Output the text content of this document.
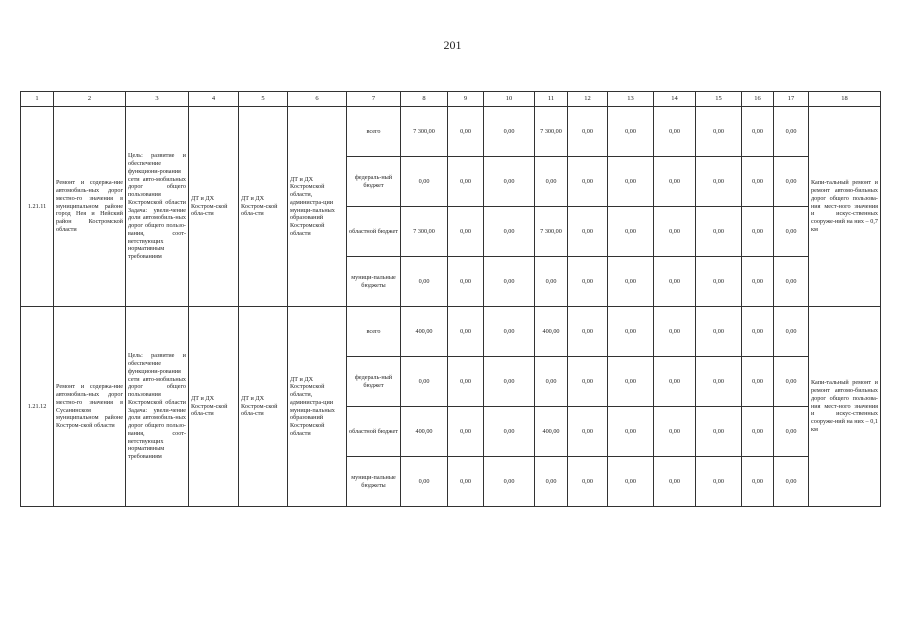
201
1	2	3	4	5	6	7	8	9	10	11	12	13	14	15	16	17	18
1.21.11	Ремонт и содержа-ние автомобиль-ных дорог местно-го значения в муниципальном районе город Нея и Нейский район Костромской области	Цель: развитие и обеспечение функциони-рования сети авто-мобильных дорог общего пользования Костромской области Задача: увели-чение доли автомобиль-ных дорог общего пользо-вания, соот-ветствующих нормативным требованиям	ДТ и ДХ Костром-ской обла-сти	ДТ и ДХ Костром-ской обла-сти	ДТ и ДХ Костромской области, администра-ции муници-пальных образований Костромской области	всего	7 300,00	0,00	0,00	7 300,00	0,00	0,00	0,00	0,00	0,00	0,00	Капи-тальный ремонт и ремонт автомо-бильных дорог общего пользова-ния мест-ного значения и искус-ственных сооруже-ний на них – 0,7 км
						федераль-ный бюджет	0,00	0,00	0,00	0,00	0,00	0,00	0,00	0,00	0,00	0,00	
						областной бюджет	7 300,00	0,00	0,00	7 300,00	0,00	0,00	0,00	0,00	0,00	0,00	
						муници-пальные бюджеты	0,00	0,00	0,00	0,00	0,00	0,00	0,00	0,00	0,00	0,00	
1.21.12	Ремонт и содержа-ние автомобиль-ных дорог местно-го значения в Сусанинском муниципальном районе Костром-ской области	Цель: развитие и обеспечение функциони-рования сети авто-мобильных дорог общего пользования Костромской области Задача: увели-чение доли автомобиль-ных дорог общего пользо-вания, соот-ветствующих нормативным требованиям	ДТ и ДХ Костром-ской обла-сти	ДТ и ДХ Костром-ской обла-сти	ДТ и ДХ Костромской области, администра-ции муници-пальных образований Костромской области	всего	400,00	0,00	0,00	400,00	0,00	0,00	0,00	0,00	0,00	0,00	Капи-тальный ремонт и ремонт автомо-бильных дорог общего пользова-ния мест-ного значения и искус-ственных сооруже-ний на них – 0,1 км
						федераль-ный бюджет	0,00	0,00	0,00	0,00	0,00	0,00	0,00	0,00	0,00	0,00	
						областной бюджет	400,00	0,00	0,00	400,00	0,00	0,00	0,00	0,00	0,00	0,00	
						муници-пальные бюджеты	0,00	0,00	0,00	0,00	0,00	0,00	0,00	0,00	0,00	0,00	
